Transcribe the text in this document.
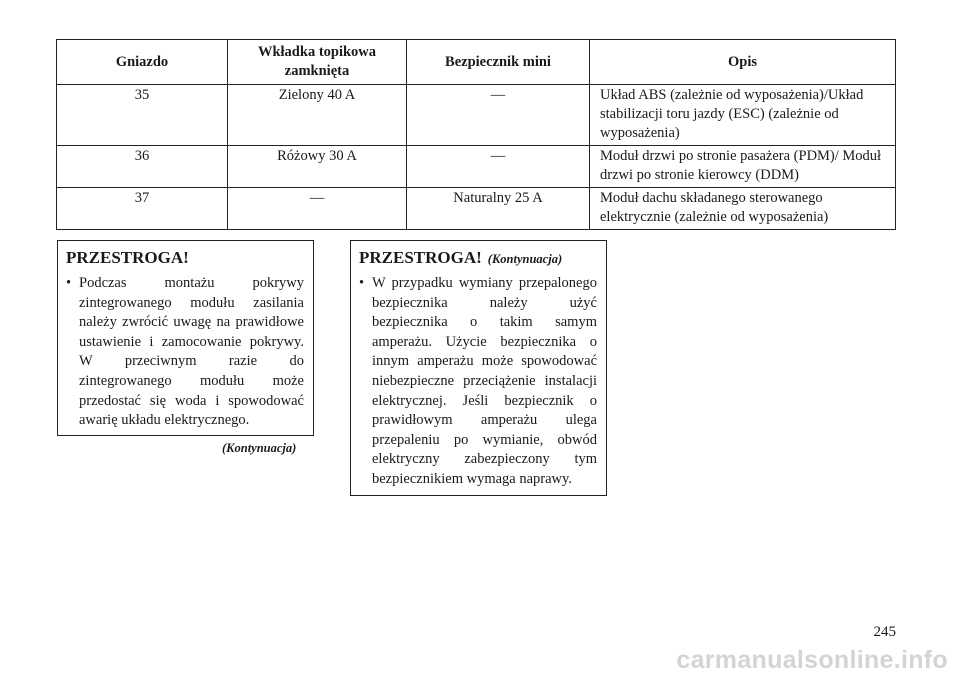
Gniazdo	Wkładka topikowa zamknięta	Bezpiecznik mini	Opis
35	Zielony 40 A	—	Układ ABS (zależnie od wyposażenia)/Układ stabilizacji toru jazdy (ESC) (zależnie od wyposażenia)
36	Różowy 30 A	—	Moduł drzwi po stronie pasażera (PDM)/ Moduł drzwi po stronie kierowcy (DDM)
37	—	Naturalny 25 A	Moduł dachu składanego sterowanego elektrycznie (zależnie od wyposażenia)
PRZESTROGA!
• Podczas montażu pokrywy zintegrowanego modułu zasilania należy zwrócić uwagę na prawidłowe ustawienie i zamocowanie pokrywy. W przeciwnym razie do zintegrowanego modułu może przedostać się woda i spowodować awarię układu elektrycznego.
(Kontynuacja)
PRZESTROGA! (Kontynuacja)
• W przypadku wymiany przepalonego bezpiecznika należy użyć bezpiecznika o takim samym amperażu. Użycie bezpiecznika o innym amperażu może spowodować niebezpieczne przeciążenie instalacji elektrycznej. Jeśli bezpiecznik o prawidłowym amperażu ulega przepaleniu po wymianie, obwód elektryczny zabezpieczony tym bezpiecznikiem wymaga naprawy.
245
carmanualsonline.info
